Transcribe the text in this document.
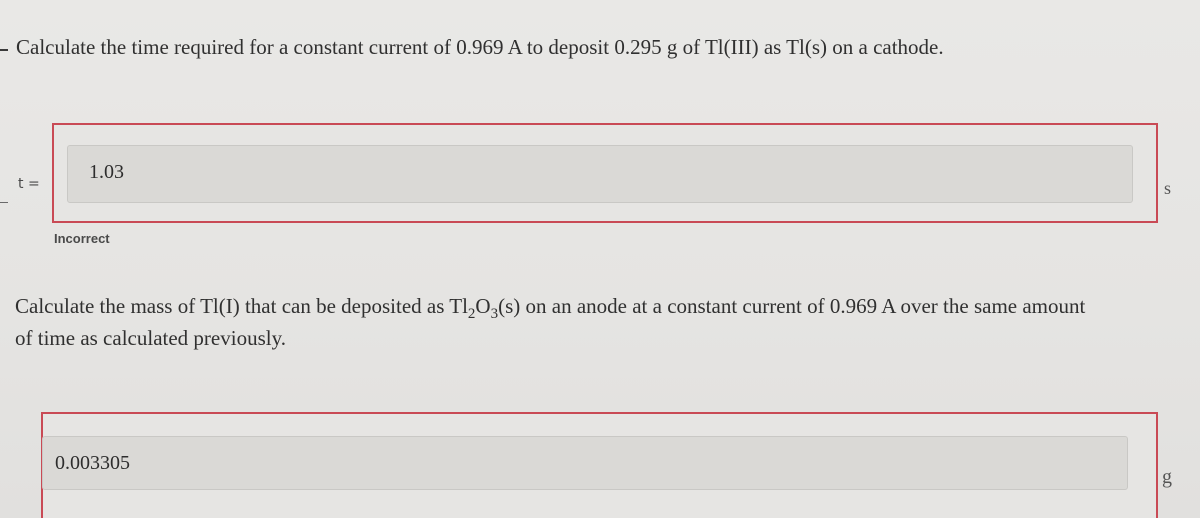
Calculate the time required for a constant current of 0.969 A to deposit 0.295 g of Tl(III) as Tl(s) on a cathode.
t =
1.03
s
Incorrect
Calculate the mass of Tl(I) that can be deposited as $Tl_2O_3(s)$ on an anode at a constant current of 0.969 A over the same amount
of time as calculated previously.
0.003305
g
